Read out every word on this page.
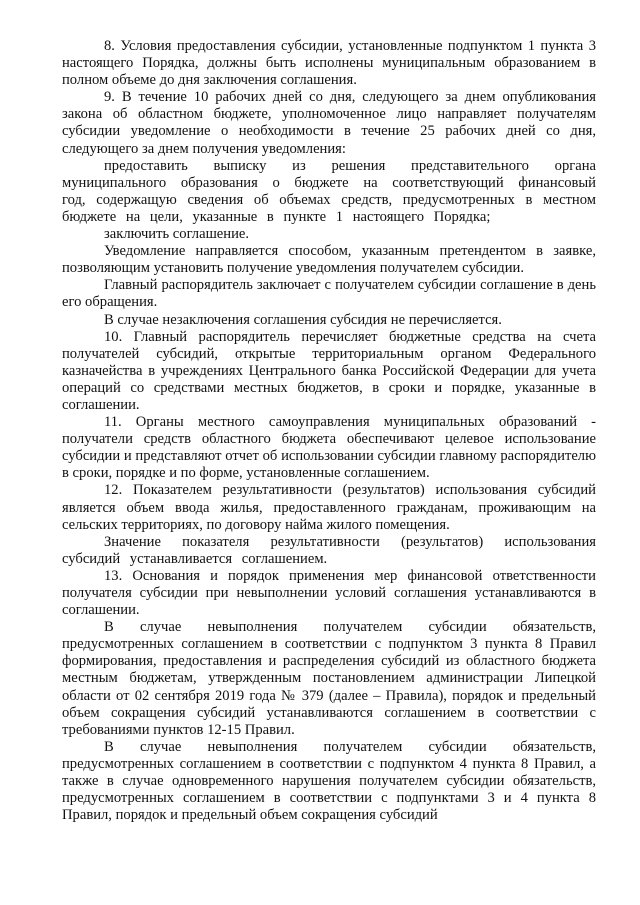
8. Условия предоставления субсидии, установленные подпунктом 1 пункта 3 настоящего Порядка, должны быть исполнены муниципальным образованием в полном объеме до дня заключения соглашения.

9. В течение 10 рабочих дней со дня, следующего за днем опубликования закона об областном бюджете, уполномоченное лицо направляет получателям субсидии уведомление о необходимости в течение 25 рабочих дней со дня, следующего за днем получения уведомления:

предоставить выписку из решения представительного органа муниципального образования о бюджете на соответствующий финансовый год, содержащую сведения об объемах средств, предусмотренных в местном бюджете на цели, указанные в пункте 1 настоящего Порядка;

заключить соглашение.

Уведомление направляется способом, указанным претендентом в заявке, позволяющим установить получение уведомления получателем субсидии.

Главный распорядитель заключает с получателем субсидии соглашение в день его обращения.

В случае незаключения соглашения субсидия не перечисляется.

10. Главный распорядитель перечисляет бюджетные средства на счета получателей субсидий, открытые территориальным органом Федерального казначейства в учреждениях Центрального банка Российской Федерации для учета операций со средствами местных бюджетов, в сроки и порядке, указанные в соглашении.

11. Органы местного самоуправления муниципальных образований - получатели средств областного бюджета обеспечивают целевое использование субсидии и представляют отчет об использовании субсидии главному распорядителю в сроки, порядке и по форме, установленные соглашением.

12. Показателем результативности (результатов) использования субсидий является объем ввода жилья, предоставленного гражданам, проживающим на сельских территориях, по договору найма жилого помещения.

Значение показателя результативности (результатов) использования субсидий устанавливается соглашением.

13. Основания и порядок применения мер финансовой ответственности получателя субсидии при невыполнении условий соглашения устанавливаются в соглашении.

В случае невыполнения получателем субсидии обязательств, предусмотренных соглашением в соответствии с подпунктом 3 пункта 8 Правил формирования, предоставления и распределения субсидий из областного бюджета местным бюджетам, утвержденным постановлением администрации Липецкой области от 02 сентября 2019 года № 379 (далее – Правила), порядок и предельный объем сокращения субсидий устанавливаются соглашением в соответствии с требованиями пунктов 12-15 Правил.

В случае невыполнения получателем субсидии обязательств, предусмотренных соглашением в соответствии с подпунктом 4 пункта 8 Правил, а также в случае одновременного нарушения получателем субсидии обязательств, предусмотренных соглашением в соответствии с подпунктами 3 и 4 пункта 8 Правил, порядок и предельный объем сокращения субсидий
